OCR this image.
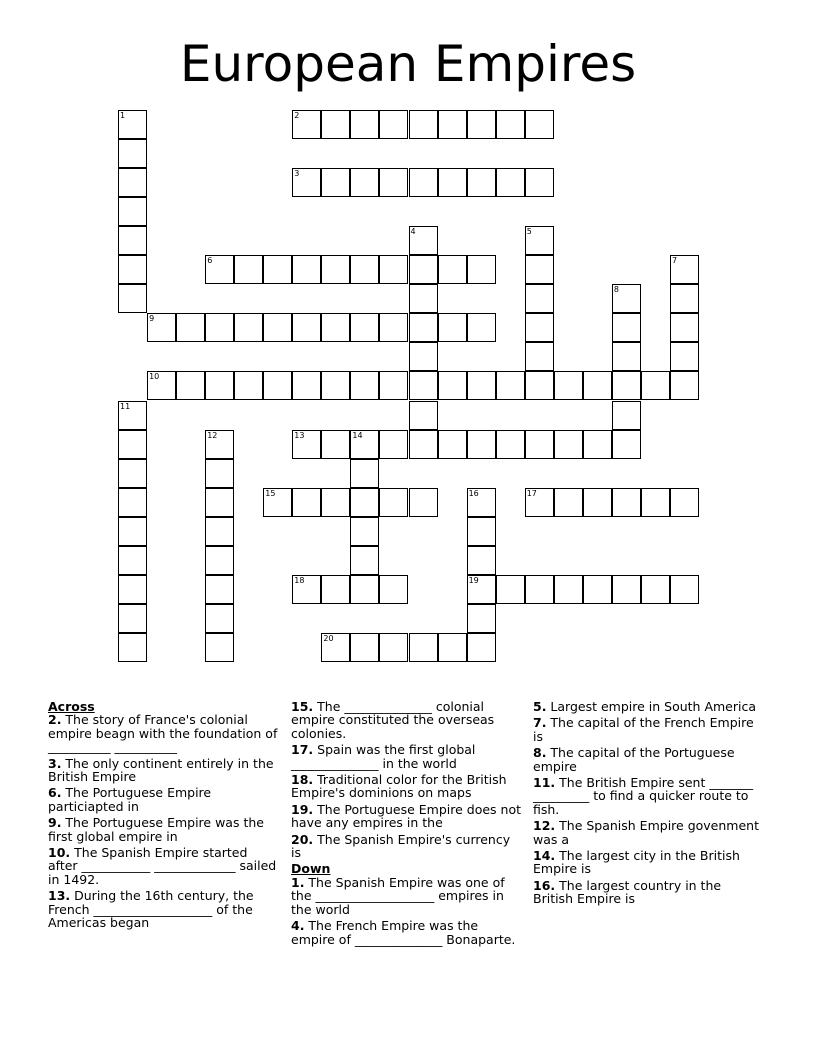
European Empires
1	2
3
4	5
6	7
8
9
10
11
12	13	14
15	16
19
17
18
20
Across
2. The story of France's colonial empire beagn with the foundation of __________ __________
3. The only continent entirely in the British Empire
6. The Portuguese Empire particiapted in
9. The Portuguese Empire was the first global empire in
10. The Spanish Empire started after ___________ _____________ sailed in 1492.
13. During the 16th century, the French ___________________ of the Americas began
15. The ______________ colonial empire constituted the overseas colonies.
17. Spain was the first global ______________ in the world
18. Traditional color for the British Empire's dominions on maps
19. The Portuguese Empire does not have any empires in the
20. The Spanish Empire's currency is
Down
1. The Spanish Empire was one of the ___________________ empires in the world
4. The French Empire was the empire of ______________ Bonaparte.
5. Largest empire in South America
7. The capital of the French Empire is
8. The capital of the Portuguese empire
11. The British Empire sent _______ _________ to find a quicker route to fish.
12. The Spanish Empire govenment was a
14. The largest city in the British Empire is
16. The largest country in the British Empire is
